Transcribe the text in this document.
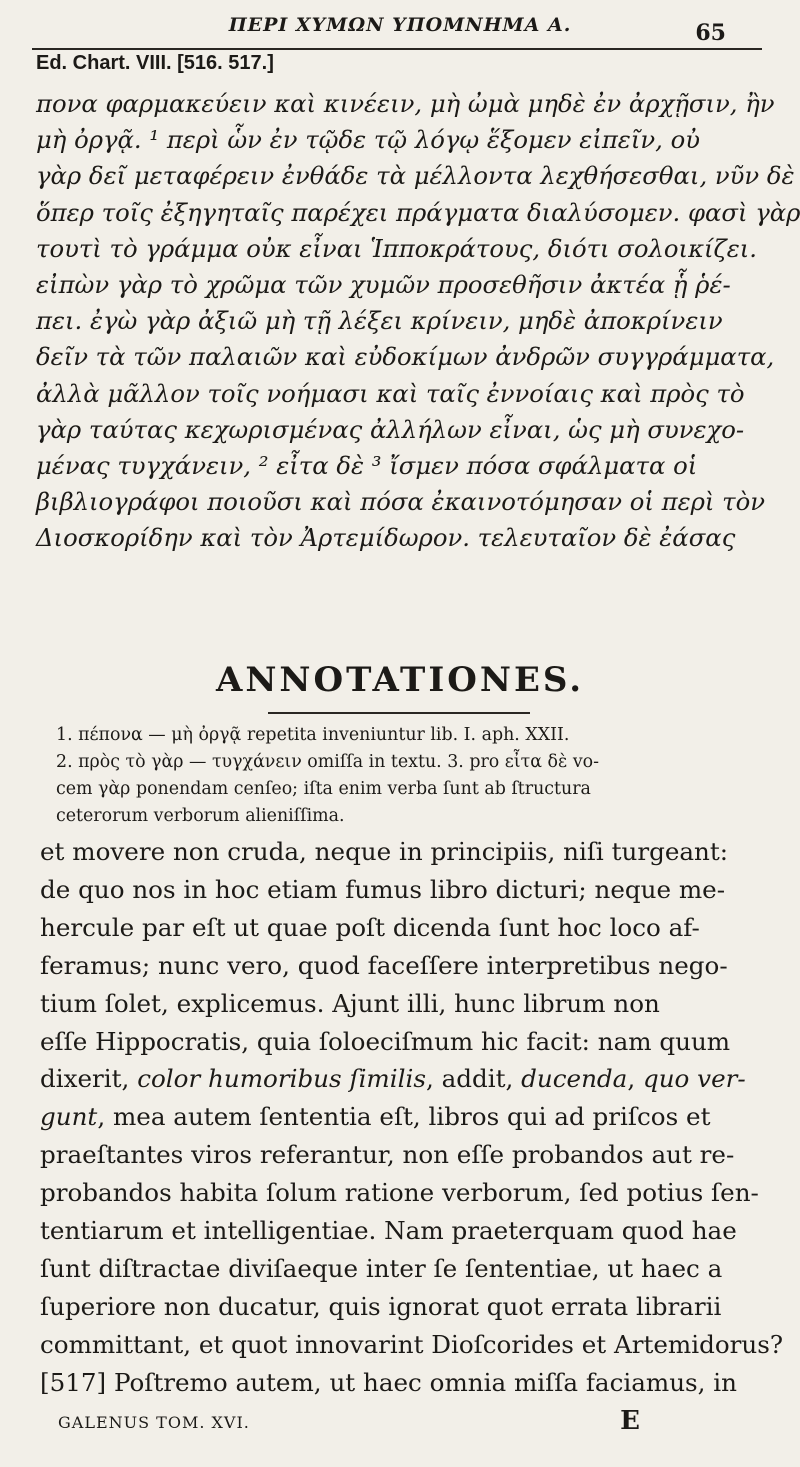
ΠΕΡΙ ΧΥΜΩΝ ΥΠΟΜΝΗΜΑ Α.	65
Ed. Chart. VIII. [516. 517.]
πονα φαρμακεύειν καὶ κινέειν, μὴ ὠμὰ μηδὲ ἐν ἀρχῇσιν, ἢν
μὴ ὀργᾷ. ¹ περὶ ὧν ἐν τῷδε τῷ λόγῳ ἕξομεν εἰπεῖν, οὐ
γὰρ δεῖ μεταφέρειν ἐνθάδε τὰ μέλλοντα λεχθήσεσθαι, νῦν δὲ
ὅπερ τοῖς ἐξηγηταῖς παρέχει πράγματα διαλύσομεν. φασὶ γὰρ
τουτὶ τὸ γράμμα οὐκ εἶναι Ἱπποκράτους, διότι σολοικίζει.
εἰπὼν γὰρ τὸ χρῶμα τῶν χυμῶν προσεθῆσιν ἀκτέα ᾗ ῥέ-
πει. ἐγὼ γὰρ ἀξιῶ μὴ τῇ λέξει κρίνειν, μηδὲ ἀποκρίνειν
δεῖν τὰ τῶν παλαιῶν καὶ εὐδοκίμων ἀνδρῶν συγγράμματα,
ἀλλὰ μᾶλλον τοῖς νοήμασι καὶ ταῖς ἐννοίαις καὶ πρὸς τὸ
γὰρ ταύτας κεχωρισμένας ἀλλήλων εἶναι, ὡς μὴ συνεχο-
μένας τυγχάνειν, ² εἶτα δὲ ³ ἴσμεν πόσα σφάλματα οἱ
βιβλιογράφοι ποιοῦσι καὶ πόσα ἐκαινοτόμησαν οἱ περὶ τὸν
Διοσκορίδην καὶ τὸν Ἀρτεμίδωρον. τελευταῖον δὲ ἐάσας
ANNOTATIONES.
1. πέπονα — μὴ ὀργᾷ repetita inveniuntur lib. I. aph. XXII.
2. πρὸς τὸ γὰρ — τυγχάνειν omiſſa in textu. 3. pro εἶτα δὲ vo-
cem γὰρ ponendam cenſeo; iſta enim verba ſunt ab ſtructura
ceterorum verborum alieniſſima.
et movere non cruda, neque in principiis, niſi turgeant:
de quo nos in hoc etiam fumus libro dicturi; neque me-
hercule par eſt ut quae poſt dicenda ſunt hoc loco af-
feramus; nunc vero, quod faceſſere interpretibus nego-
tium ſolet, explicemus. Ajunt illi, hunc librum non
eſſe Hippocratis, quia ſoloeciſmum hic facit: nam quum
dixerit, color humoribus ſimilis, addit, ducenda, quo ver-
gunt, mea autem ſententia eſt, libros qui ad priſcos et
praeſtantes viros referantur, non eſſe probandos aut re-
probandos habita ſolum ratione verborum, ſed potius ſen-
tentiarum et intelligentiae. Nam praeterquam quod hae
ſunt diſtractae diviſaeque inter ſe ſententiae, ut haec a
ſuperiore non ducatur, quis ignorat quot errata librarii
committant, et quot innovarint Dioſcorides et Artemidorus?
[517] Poſtremo autem, ut haec omnia miſſa faciamus, in
GALENUS TOM. XVI.	E
